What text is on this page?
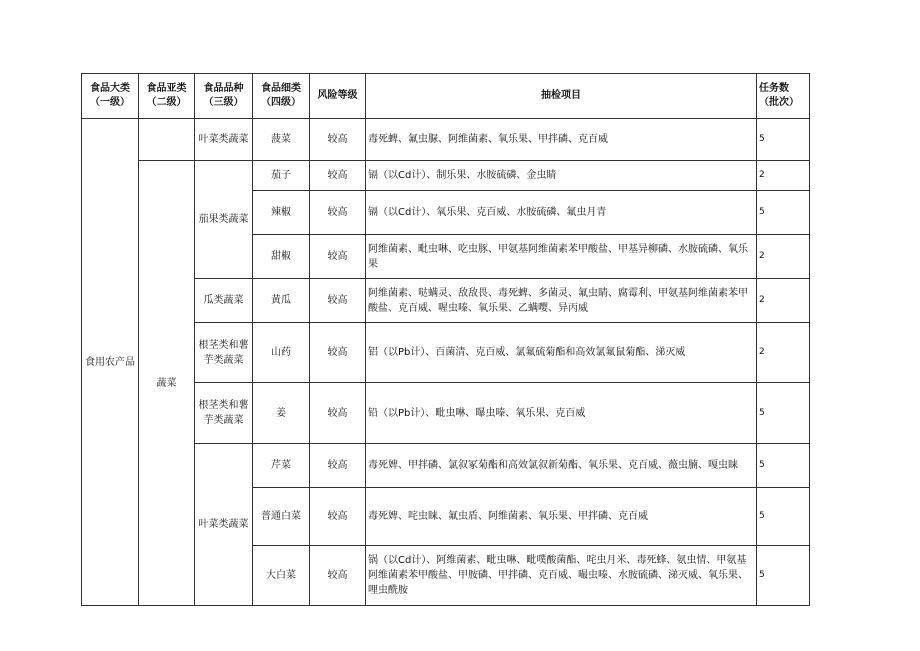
食品大类（一级）	食品亚类（二级）	食品品种（三级）	食品细类（四级）	风险等级	抽检项目	任务数（批次）
食用农产品		叶菜类蔬菜	菠菜	较高	毒死蜱、氟虫脲、阿维菌素、氧乐果、甲拌磷、克百威	5
	蔬菜	茄果类蔬菜	茄子	较高	镉（以Cd计）、制乐果、水胺硫磷、金虫睛	2
			辣椒	较高	镉（以Cd计）、氧乐果、克百威、水胺硫磷、氟虫月青	5
			甜椒	较高	阿维菌素、毗虫啉、吃虫豚、甲氨基阿维菌素苯甲酸盐、甲基异柳磷、水胺硫磷、氧乐果	2
		瓜类蔬菜	黄瓜	较高	阿维菌素、哒螨灵、敌敌畏、毒死蜱、多菌灵、氟虫睛、腐霉利、甲氨基阿维菌素苯甲酸盐、克百威、喔虫嗪、氧乐果、乙螨嘤、异丙威	2
		根茎类和薯芋类蔬菜	山药	较高	铝（以Pb计）、百菌清、克百威、氯氟硫菊酯和高效氯氟鼠菊酯、涕灭威	2
		根茎类和薯芋类蔬菜	姜	较高	铅（以Pb计）、毗虫啉、曝虫嗪、氧乐果、克百威	5
		叶菜类蔬菜	芹菜	较高	毒死婢、甲拌磷、氯叙冢菊酯和高效氯叙新菊酯、氧乐果、克百威、薇虫腩、嘎虫睐	5
			普通白菜	较高	毒死婢、咤虫睐、氟虫盾、阿维菌素、氧乐果、甲拌磷、克百威	5
			大白菜	较高	锅（以Cd计）、阿维菌素、毗虫啉、毗噗酸菌酯、咤虫月米、毒死蜂、氨虫情、甲氨基阿维菌素苯甲酸盐、甲胺磷、甲拌磷、克百威、嘬虫嗪、水胺硫磷、涕灭威、氧乐果、哩虫酰胺	5
